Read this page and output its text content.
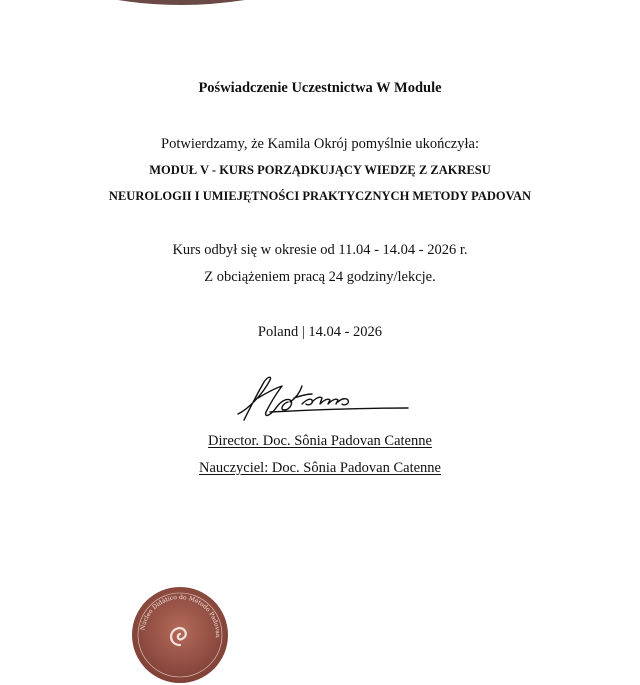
Poświadczenie Uczestnictwa W Module
Potwierdzamy, że Kamila Okrój pomyślnie ukończyła:
MODUŁ V - KURS PORZĄDKUJĄCY WIEDZĘ Z ZAKRESU
NEUROLOGII I UMIEJĘTNOŚCI PRAKTYCZNYCH METODY PADOVAN
Kurs odbył się w okresie od 11.04 - 14.04 - 2026 r.
Z obciążeniem pracą 24 godziny/lekcje.
Poland | 14.04 - 2026
Director. Doc. Sônia Padovan Catenne
Nauczyciel: Doc. Sônia Padovan Catenne
Núcleo Didático do Método Padovan
